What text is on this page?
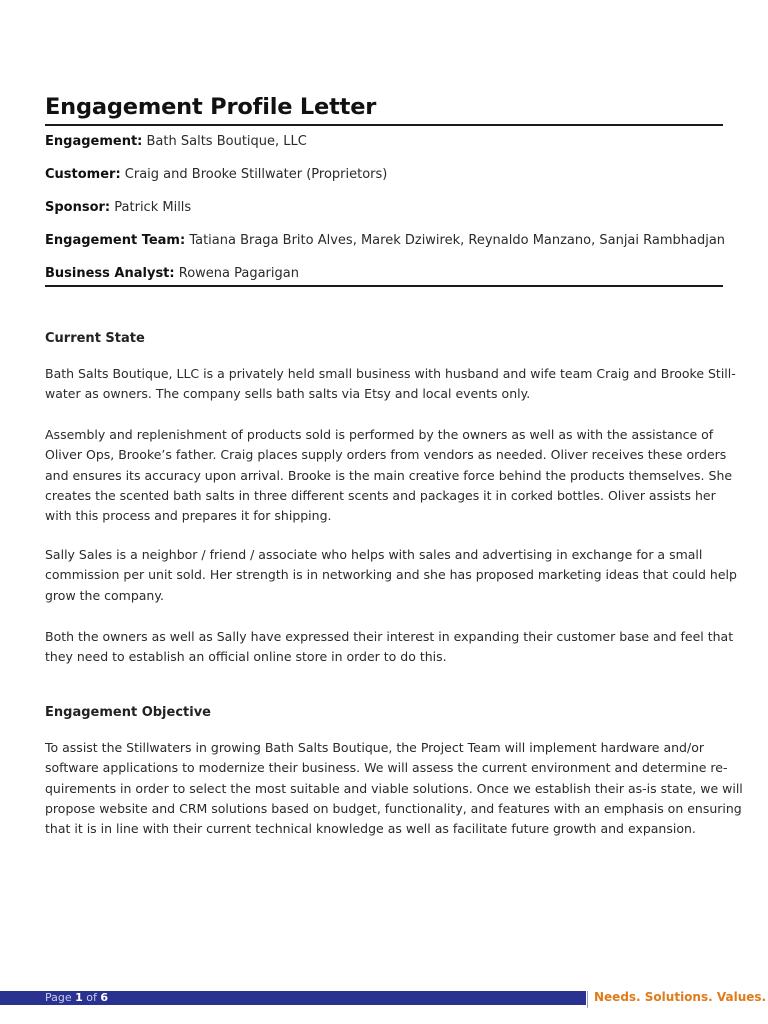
Engagement Profile Letter
Engagement: Bath Salts Boutique, LLC
Customer: Craig and Brooke Stillwater (Proprietors)
Sponsor: Patrick Mills
Engagement Team: Tatiana Braga Brito Alves, Marek Dziwirek, Reynaldo Manzano, Sanjai Rambhadjan
Business Analyst: Rowena Pagarigan
Current State

Bath Salts Boutique, LLC is a privately held small business with husband and wife team Craig and Brooke Still-
water as owners. The company sells bath salts via Etsy and local events only.

Assembly and replenishment of products sold is performed by the owners as well as with the assistance of
Oliver Ops, Brooke’s father. Craig places supply orders from vendors as needed. Oliver receives these orders
and ensures its accuracy upon arrival. Brooke is the main creative force behind the products themselves. She
creates the scented bath salts in three different scents and packages it in corked bottles. Oliver assists her
with this process and prepares it for shipping.

Sally Sales is a neighbor / friend / associate who helps with sales and advertising in exchange for a small
commission per unit sold. Her strength is in networking and she has proposed marketing ideas that could help
grow the company.

Both the owners as well as Sally have expressed their interest in expanding their customer base and feel that
they need to establish an official online store in order to do this.

Engagement Objective

To assist the Stillwaters in growing Bath Salts Boutique, the Project Team will implement hardware and/or
software applications to modernize their business. We will assess the current environment and determine re-
quirements in order to select the most suitable and viable solutions. Once we establish their as-is state, we will
propose website and CRM solutions based on budget, functionality, and features with an emphasis on ensuring
that it is in line with their current technical knowledge as well as facilitate future growth and expansion.

Page 1 of 6	Needs. Solutions. Values.
